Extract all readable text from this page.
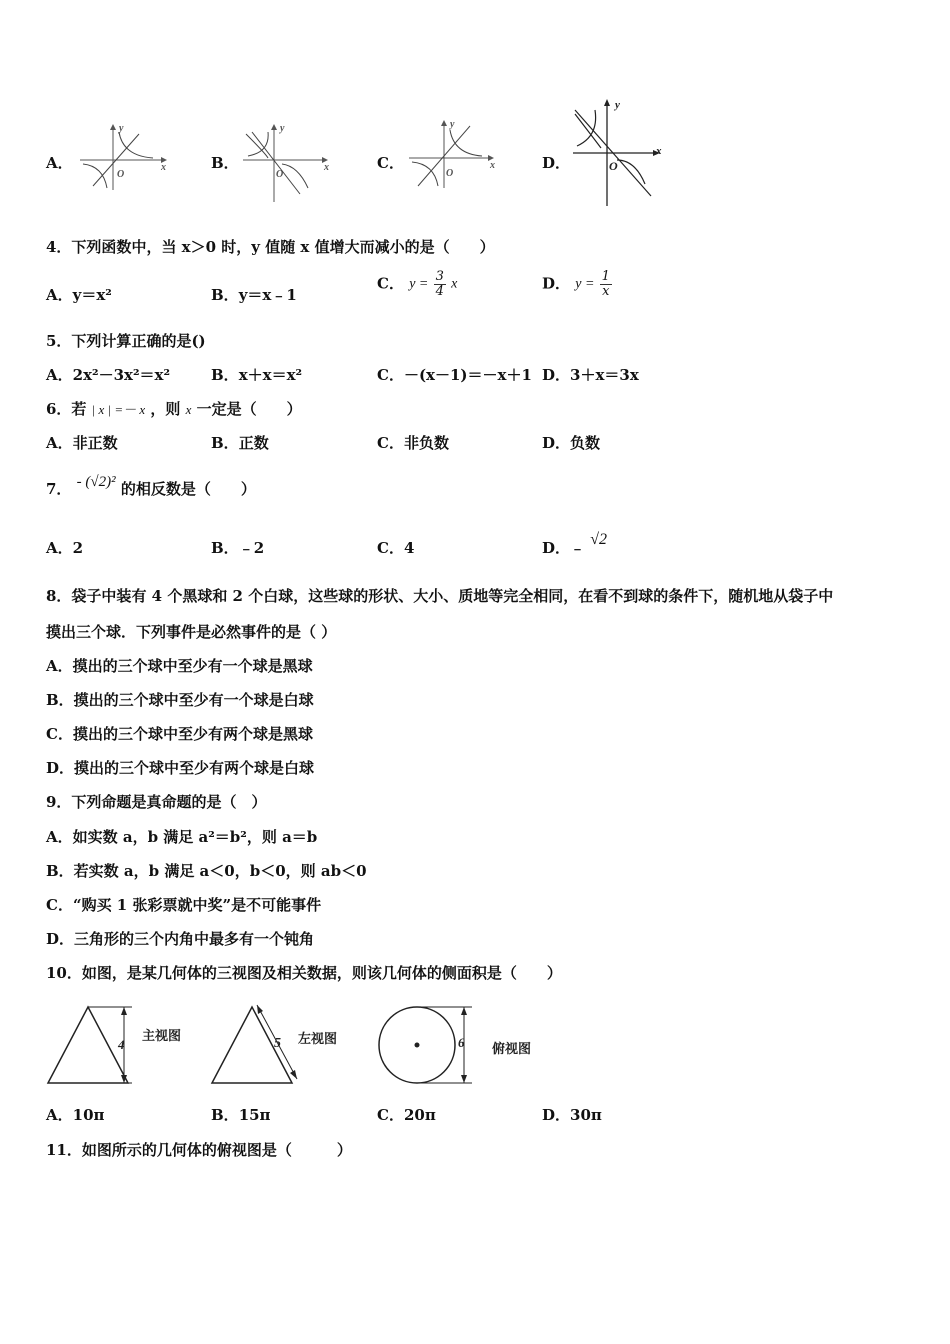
A．
y
x
O
B．
y
x
O
C．
y
x
O
D．
y
x
O
4．下列函数中，当 x＞0 时，y 值随 x 值增大而减小的是（　　）
A．y＝x²	B．y＝x﹣1
C． $y = \frac{3}{4}$ x	D． $y = \frac{1}{x}$
5．下列计算正确的是()
A．2x²－3x²＝x²	B．x＋x＝x²	C．－(x－1)＝－x＋1 D．3＋x＝3x
6．若 | x | =－ x ，则 x 一定是（　　）
A．非正数	B．正数	C．非负数	D．负数
7． - (√2)² 的相反数是（　　）
A．2	B．﹣2	C．4	D．﹣ √2
8．袋子中装有 4 个黑球和 2 个白球，这些球的形状、大小、质地等完全相同，在看不到球的条件下，随机地从袋子中
摸出三个球．下列事件是必然事件的是（ ）
A．摸出的三个球中至少有一个球是黑球
B．摸出的三个球中至少有一个球是白球
C．摸出的三个球中至少有两个球是黑球
D．摸出的三个球中至少有两个球是白球
9．下列命题是真命题的是（　）
A．如实数 a，b 满足 a²＝b²，则 a＝b
B．若实数 a，b 满足 a＜0，b＜0，则 ab＜0
C．“购买 1 张彩票就中奖”是不可能事件
D．三角形的三个内角中最多有一个钝角
10．如图，是某几何体的三视图及相关数据，则该几何体的侧面积是（　　）
4
主视图
5 左视图	6 俯视图
A．10π	B．15π	C．20π	D．30π
11．如图所示的几何体的俯视图是（　　　）
